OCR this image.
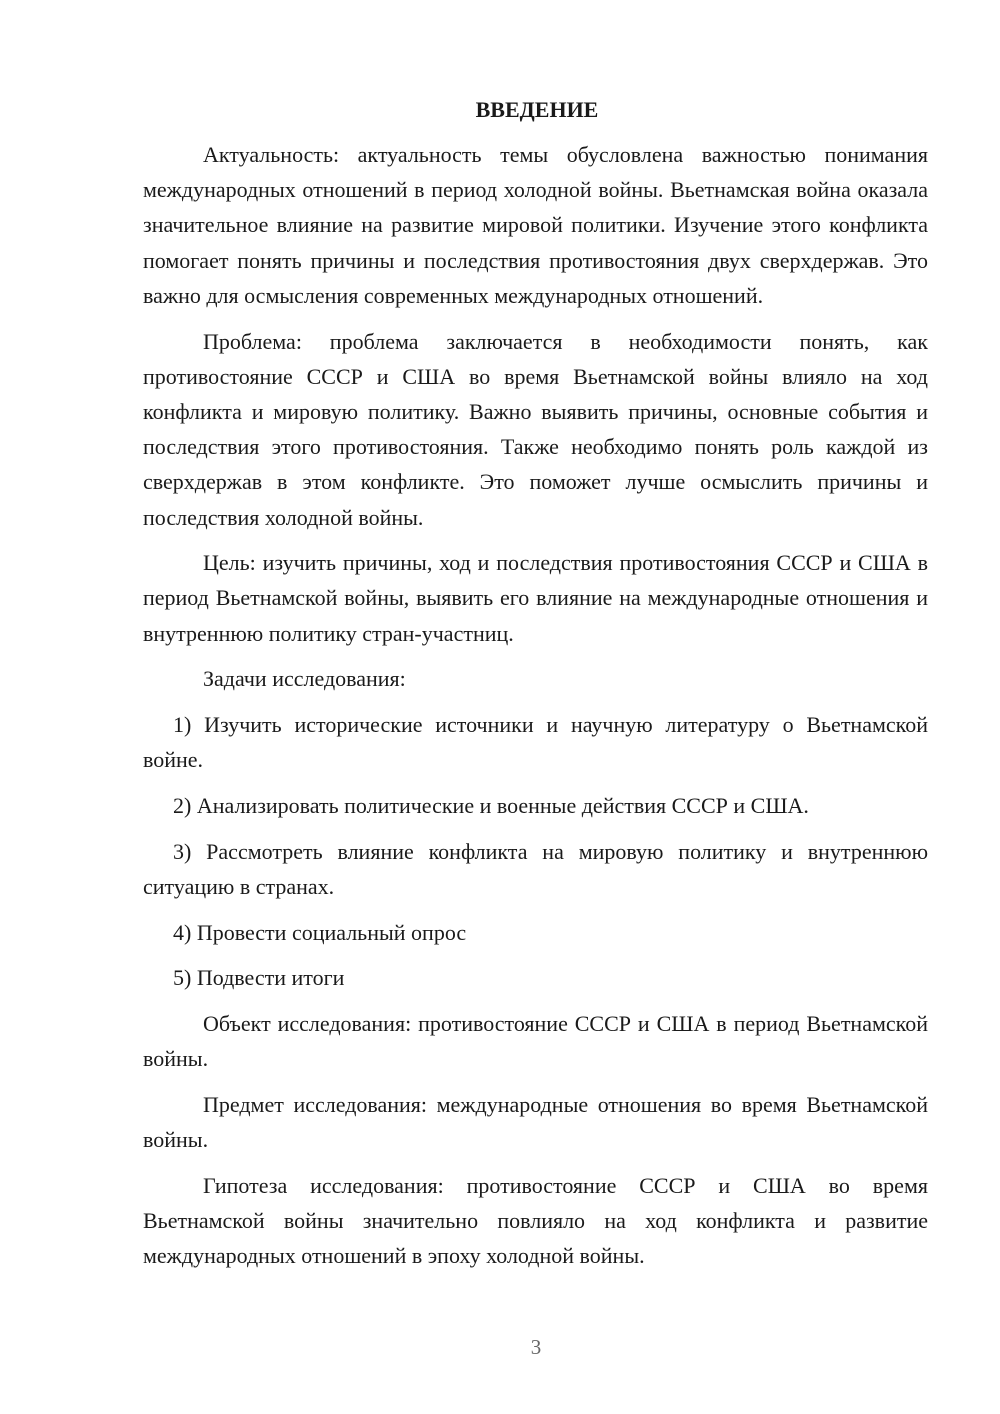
ВВЕДЕНИЕ

Актуальность: актуальность темы обусловлена важностью понимания международных отношений в период холодной войны. Вьетнамская война оказала значительное влияние на развитие мировой политики. Изучение этого конфликта помогает понять причины и последствия противостояния двух сверхдержав. Это важно для осмысления современных международных отношений.

Проблема: проблема заключается в необходимости понять, как противостояние СССР и США во время Вьетнамской войны влияло на ход конфликта и мировую политику. Важно выявить причины, основные события и последствия этого противостояния. Также необходимо понять роль каждой из сверхдержав в этом конфликте. Это поможет лучше осмыслить причины и последствия холодной войны.

Цель: изучить причины, ход и последствия противостояния СССР и США в период Вьетнамской войны, выявить его влияние на международные отношения и внутреннюю политику стран-участниц.

Задачи исследования:

1) Изучить исторические источники и научную литературу о Вьетнамской войне.

2) Анализировать политические и военные действия СССР и США.

3) Рассмотреть влияние конфликта на мировую политику и внутреннюю ситуацию в странах.

4) Провести социальный опрос

5) Подвести итоги

Объект исследования: противостояние СССР и США в период Вьетнамской войны.

Предмет исследования: международные отношения во время Вьетнамской войны.

Гипотеза исследования: противостояние СССР и США во время Вьетнамской войны значительно повлияло на ход конфликта и развитие международных отношений в эпоху холодной войны.

3
